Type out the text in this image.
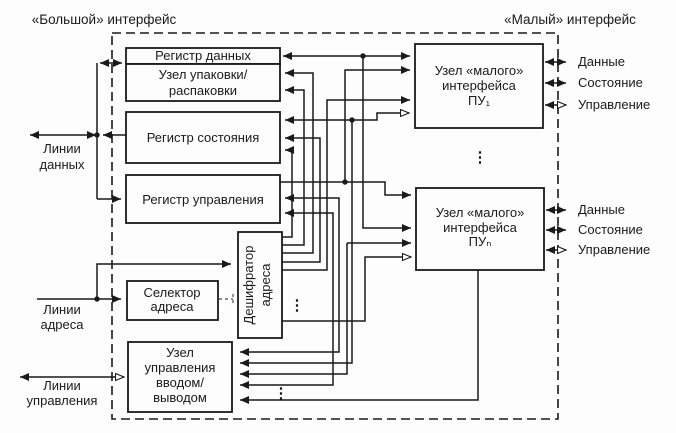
Регистр данных
Узел упаковки/
распаковки
Регистр состояния
Регистр управления
Селектор
адреса	Дешифратор адреса
Узел
управления
вводом/
выводом
Узел «малого»
интерфейса
ПУ₁
Узел «малого»
интерфейса
ПУₙ
«Большой» интерфейс	«Малый» интерфейс
Линии
данных
Линии
адреса
Линии
управления
Данные
Состояние
Управление
Данные
Состояние
Управление
⋮
⋮
⋮
